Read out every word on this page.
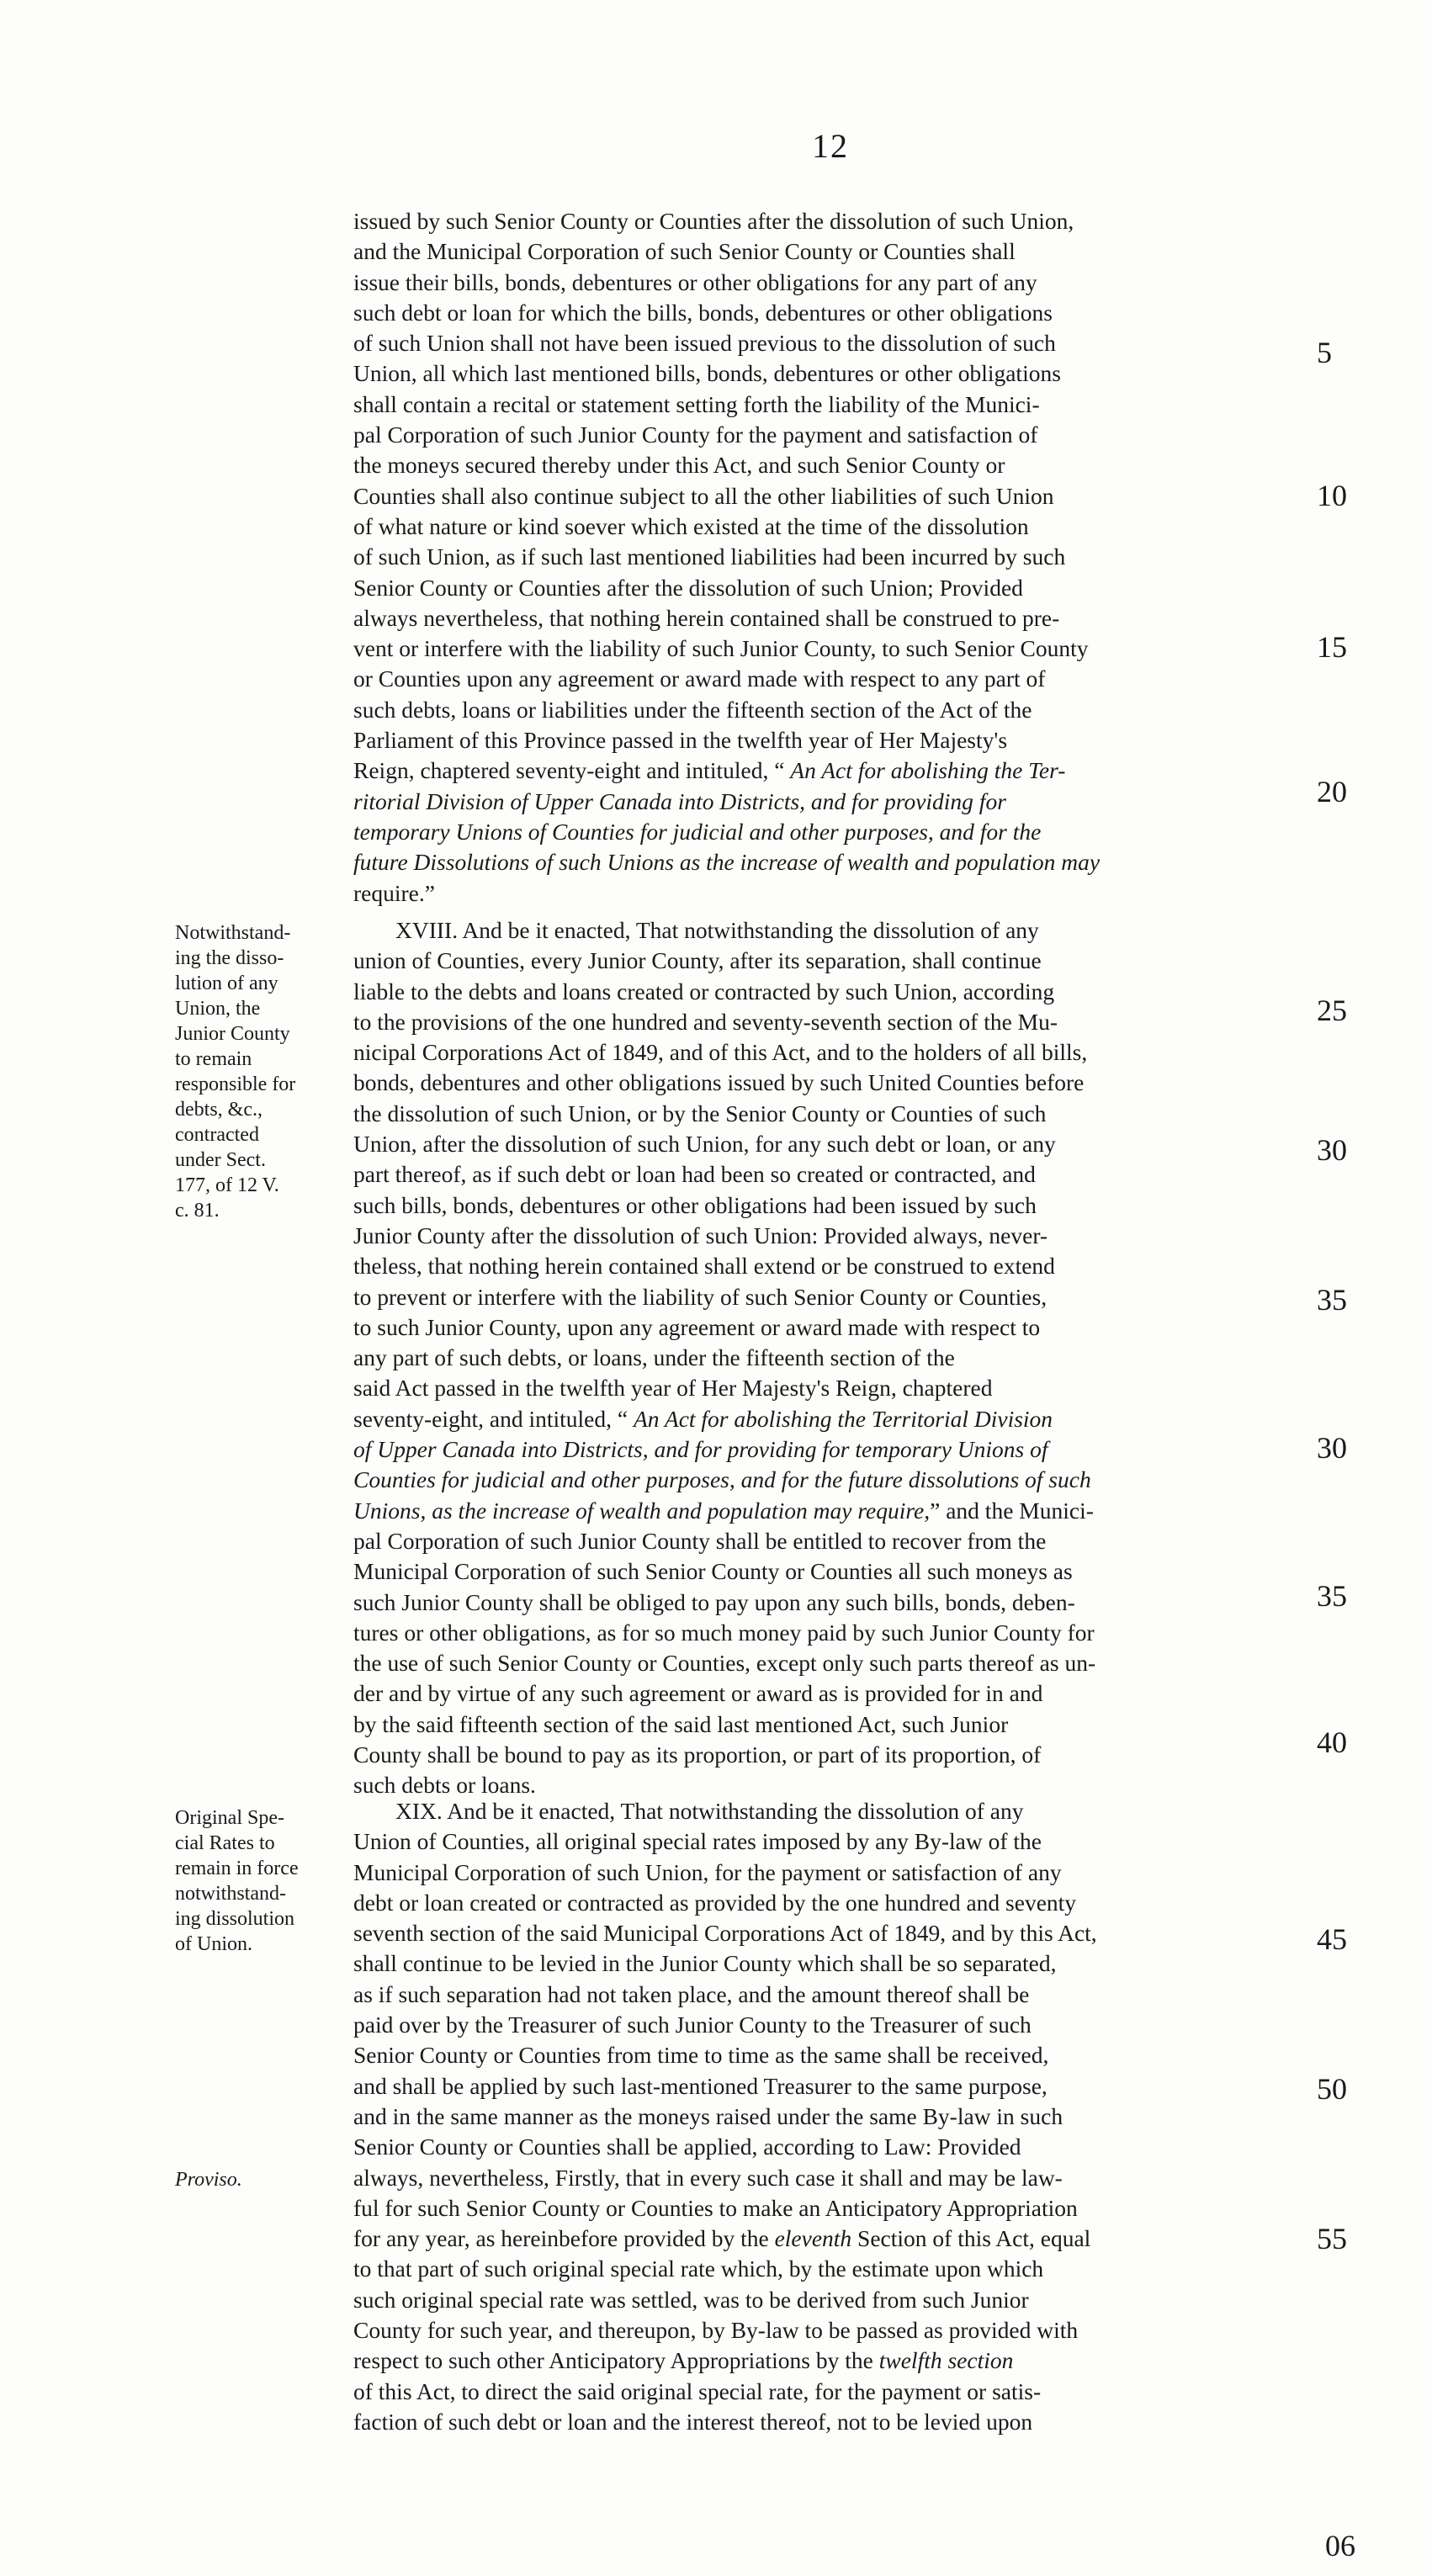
12
issued by such Senior County or Counties after the dissolution of such Union,
and the Municipal Corporation of such Senior County or Counties shall
issue their bills, bonds, debentures or other obligations for any part of any
such debt or loan for which the bills, bonds, debentures or other obligations
of such Union shall not have been issued previous to the dissolution of such
Union, all which last mentioned bills, bonds, debentures or other obligations
shall contain a recital or statement setting forth the liability of the Munici-
pal Corporation of such Junior County for the payment and satisfaction of
the moneys secured thereby under this Act, and such Senior County or
Counties shall also continue subject to all the other liabilities of such Union
of what nature or kind soever which existed at the time of the dissolution
of such Union, as if such last mentioned liabilities had been incurred by such
Senior County or Counties after the dissolution of such Union; Provided
always nevertheless, that nothing herein contained shall be construed to pre-
vent or interfere with the liability of such Junior County, to such Senior County
or Counties upon any agreement or award made with respect to any part of
such debts, loans or liabilities under the fifteenth section of the Act of the
Parliament of this Province passed in the twelfth year of Her Majesty's
Reign, chaptered seventy-eight and intituled, “ An Act for abolishing the Ter-
ritorial Division of Upper Canada into Districts, and for providing for
temporary Unions of Counties for judicial and other purposes, and for the
future Dissolutions of such Unions as the increase of wealth and population may
require.”
XVIII. And be it enacted, That notwithstanding the dissolution of any
union of Counties, every Junior County, after its separation, shall continue
liable to the debts and loans created or contracted by such Union, according
to the provisions of the one hundred and seventy-seventh section of the Mu-
nicipal Corporations Act of 1849, and of this Act, and to the holders of all bills,
bonds, debentures and other obligations issued by such United Counties before
the dissolution of such Union, or by the Senior County or Counties of such
Union, after the dissolution of such Union, for any such debt or loan, or any
part thereof, as if such debt or loan had been so created or contracted, and
such bills, bonds, debentures or other obligations had been issued by such
Junior County after the dissolution of such Union: Provided always, never-
theless, that nothing herein contained shall extend or be construed to extend
to prevent or interfere with the liability of such Senior County or Counties,
to such Junior County, upon any agreement or award made with respect to
any part of such debts, or loans, under the fifteenth section of the
said Act passed in the twelfth year of Her Majesty's Reign, chaptered
seventy-eight, and intituled, “ An Act for abolishing the Territorial Division
of Upper Canada into Districts, and for providing for temporary Unions of
Counties for judicial and other purposes, and for the future dissolutions of such
Unions, as the increase of wealth and population may require,” and the Munici-
pal Corporation of such Junior County shall be entitled to recover from the
Municipal Corporation of such Senior County or Counties all such moneys as
such Junior County shall be obliged to pay upon any such bills, bonds, deben-
tures or other obligations, as for so much money paid by such Junior County for
the use of such Senior County or Counties, except only such parts thereof as un-
der and by virtue of any such agreement or award as is provided for in and
by the said fifteenth section of the said last mentioned Act, such Junior
County shall be bound to pay as its proportion, or part of its proportion, of
such debts or loans.
XIX. And be it enacted, That notwithstanding the dissolution of any
Union of Counties, all original special rates imposed by any By-law of the
Municipal Corporation of such Union, for the payment or satisfaction of any
debt or loan created or contracted as provided by the one hundred and seventy
seventh section of the said Municipal Corporations Act of 1849, and by this Act,
shall continue to be levied in the Junior County which shall be so separated,
as if such separation had not taken place, and the amount thereof shall be
paid over by the Treasurer of such Junior County to the Treasurer of such
Senior County or Counties from time to time as the same shall be received,
and shall be applied by such last-mentioned Treasurer to the same purpose,
and in the same manner as the moneys raised under the same By-law in such
Senior County or Counties shall be applied, according to Law: Provided
always, nevertheless, Firstly, that in every such case it shall and may be law-
ful for such Senior County or Counties to make an Anticipatory Appropriation
for any year, as hereinbefore provided by the eleventh Section of this Act, equal
to that part of such original special rate which, by the estimate upon which
such original special rate was settled, was to be derived from such Junior
County for such year, and thereupon, by By-law to be passed as provided with
respect to such other Anticipatory Appropriations by the twelfth section
of this Act, to direct the said original special rate, for the payment or satis-
faction of such debt or loan and the interest thereof, not to be levied upon
Notwithstand-
ing the disso-
lution of any
Union, the
Junior County
to remain
responsible for
debts, &c.,
contracted
under Sect.
177, of 12 V.
c. 81.
Original Spe-
cial Rates to
remain in force
notwithstand-
ing dissolution
of Union.
Proviso.
5
10
15
20
25
30
35
30
35
40
45
50
55
06
